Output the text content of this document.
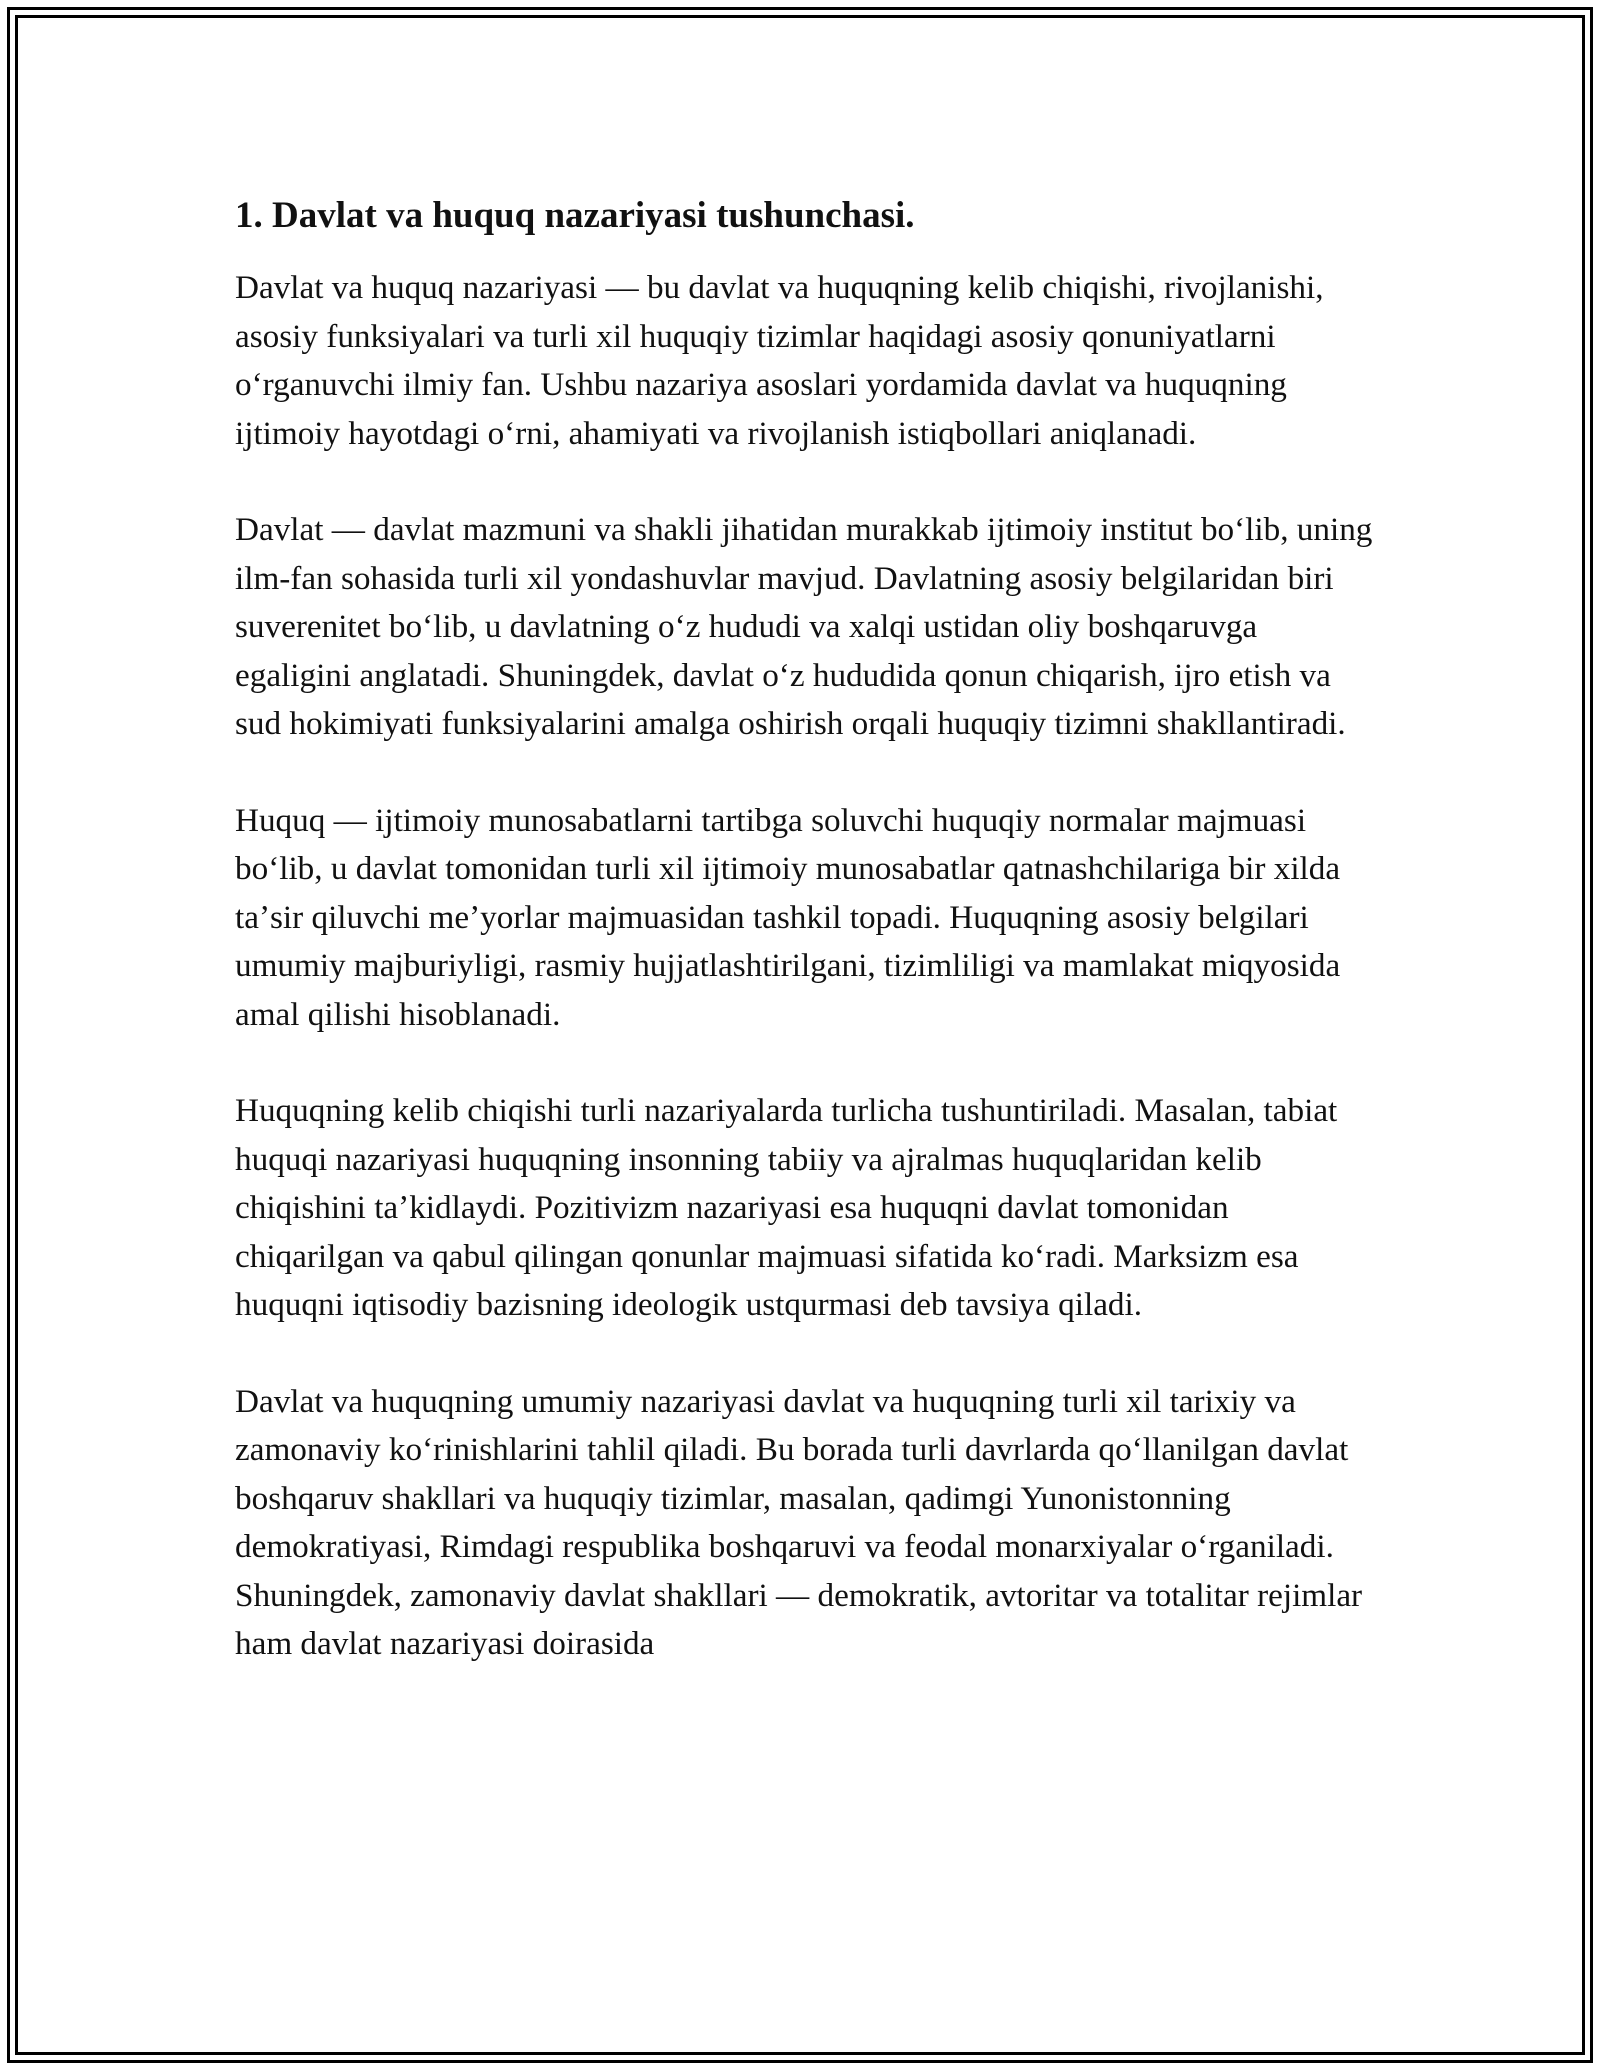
1. Davlat va huquq nazariyasi tushunchasi.

Davlat va huquq nazariyasi — bu davlat va huquqning kelib chiqishi, rivojlanishi, asosiy funksiyalari va turli xil huquqiy tizimlar haqidagi asosiy qonuniyatlarni oʻrganuvchi ilmiy fan. Ushbu nazariya asoslari yordamida davlat va huquqning ijtimoiy hayotdagi oʻrni, ahamiyati va rivojlanish istiqbollari aniqlanadi.

Davlat — davlat mazmuni va shakli jihatidan murakkab ijtimoiy institut boʻlib, uning ilm-fan sohasida turli xil yondashuvlar mavjud. Davlatning asosiy belgilaridan biri suverenitet boʻlib, u davlatning oʻz hududi va xalqi ustidan oliy boshqaruvga egaligini anglatadi. Shuningdek, davlat oʻz hududida qonun chiqarish, ijro etish va sud hokimiyati funksiyalarini amalga oshirish orqali huquqiy tizimni shakllantiradi.

Huquq — ijtimoiy munosabatlarni tartibga soluvchi huquqiy normalar majmuasi boʻlib, u davlat tomonidan turli xil ijtimoiy munosabatlar qatnashchilariga bir xilda taʼsir qiluvchi meʼyorlar majmuasidan tashkil topadi. Huquqning asosiy belgilari umumiy majburiyligi, rasmiy hujjatlashtirilgani, tizimliligi va mamlakat miqyosida amal qilishi hisoblanadi.

Huquqning kelib chiqishi turli nazariyalarda turlicha tushuntiriladi. Masalan, tabiat huquqi nazariyasi huquqning insonning tabiiy va ajralmas huquqlaridan kelib chiqishini taʼkidlaydi. Pozitivizm nazariyasi esa huquqni davlat tomonidan chiqarilgan va qabul qilingan qonunlar majmuasi sifatida koʻradi. Marksizm esa huquqni iqtisodiy bazisning ideologik ustqurmasi deb tavsiya qiladi.

Davlat va huquqning umumiy nazariyasi davlat va huquqning turli xil tarixiy va zamonaviy koʻrinishlarini tahlil qiladi. Bu borada turli davrlarda qoʻllanilgan davlat boshqaruv shakllari va huquqiy tizimlar, masalan, qadimgi Yunonistonning demokratiyasi, Rimdagi respublika boshqaruvi va feodal monarxiyalar oʻrganiladi. Shuningdek, zamonaviy davlat shakllari — demokratik, avtoritar va totalitar rejimlar ham davlat nazariyasi doirasida
